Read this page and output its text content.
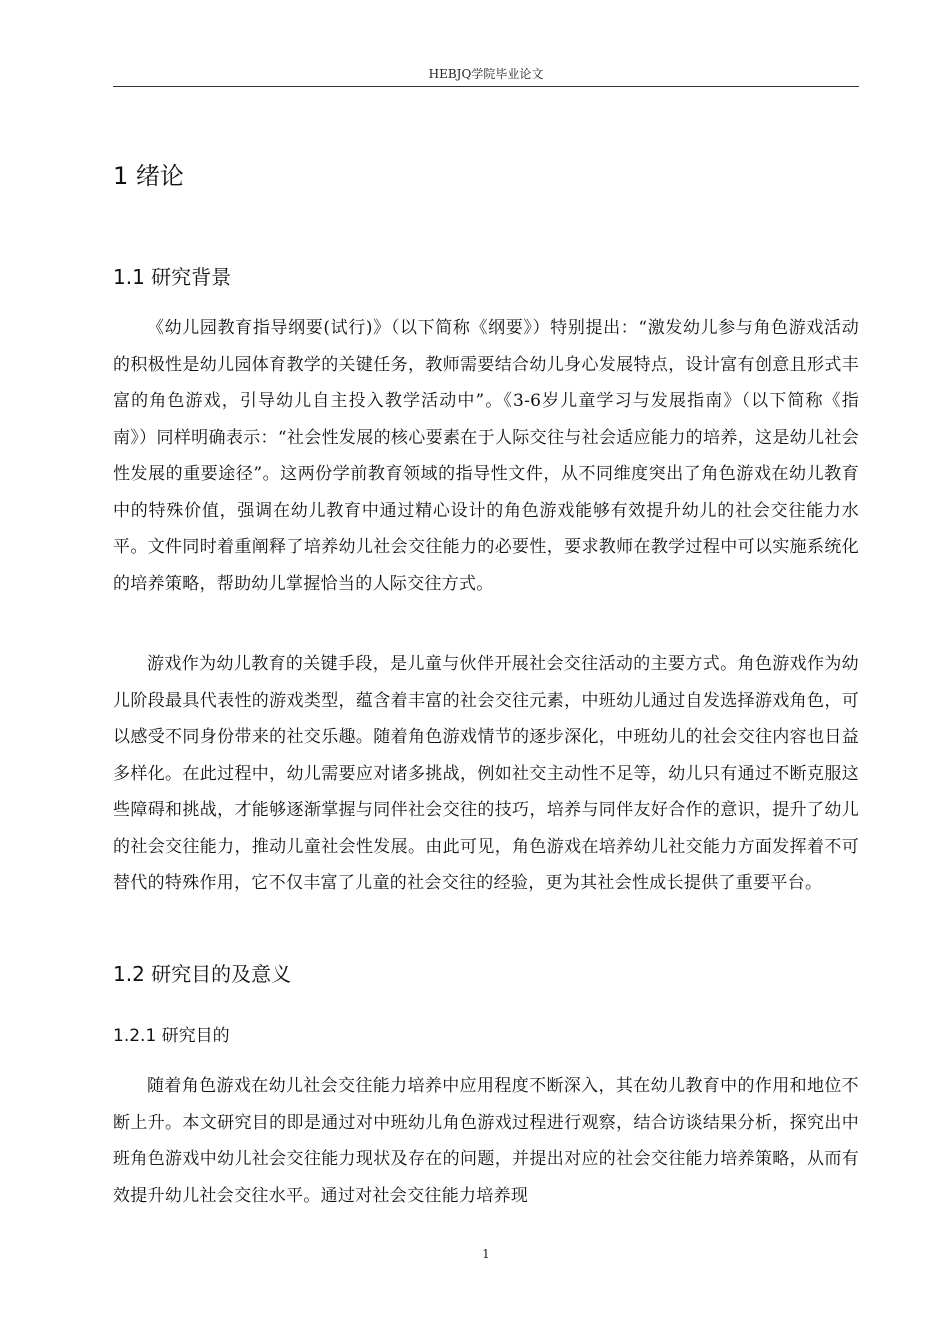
HEBJQ学院毕业论文
1 绪论
1.1 研究背景

《幼儿园教育指导纲要(试行)》（以下简称《纲要》）特别提出：“激发幼儿参与角色游戏活动的积极性是幼儿园体育教学的关键任务，教师需要结合幼儿身心发展特点，设计富有创意且形式丰富的角色游戏，引导幼儿自主投入教学活动中”。《3-6岁儿童学习与发展指南》（以下简称《指南》）同样明确表示：“社会性发展的核心要素在于人际交往与社会适应能力的培养，这是幼儿社会性发展的重要途径”。这两份学前教育领域的指导性文件，从不同维度突出了角色游戏在幼儿教育中的特殊价值，强调在幼儿教育中通过精心设计的角色游戏能够有效提升幼儿的社会交往能力水平。文件同时着重阐释了培养幼儿社会交往能力的必要性，要求教师在教学过程中可以实施系统化的培养策略，帮助幼儿掌握恰当的人际交往方式。

游戏作为幼儿教育的关键手段，是儿童与伙伴开展社会交往活动的主要方式。角色游戏作为幼儿阶段最具代表性的游戏类型，蕴含着丰富的社会交往元素，中班幼儿通过自发选择游戏角色，可以感受不同身份带来的社交乐趣。随着角色游戏情节的逐步深化，中班幼儿的社会交往内容也日益多样化。在此过程中，幼儿需要应对诸多挑战，例如社交主动性不足等，幼儿只有通过不断克服这些障碍和挑战，才能够逐渐掌握与同伴社会交往的技巧，培养与同伴友好合作的意识，提升了幼儿的社会交往能力，推动儿童社会性发展。由此可见，角色游戏在培养幼儿社交能力方面发挥着不可替代的特殊作用，它不仅丰富了儿童的社会交往的经验，更为其社会性成长提供了重要平台。

1.2 研究目的及意义
1.2.1 研究目的

随着角色游戏在幼儿社会交往能力培养中应用程度不断深入，其在幼儿教育中的作用和地位不断上升。本文研究目的即是通过对中班幼儿角色游戏过程进行观察，结合访谈结果分析，探究出中班角色游戏中幼儿社会交往能力现状及存在的问题，并提出对应的社会交往能力培养策略，从而有效提升幼儿社会交往水平。通过对社会交往能力培养现

1
